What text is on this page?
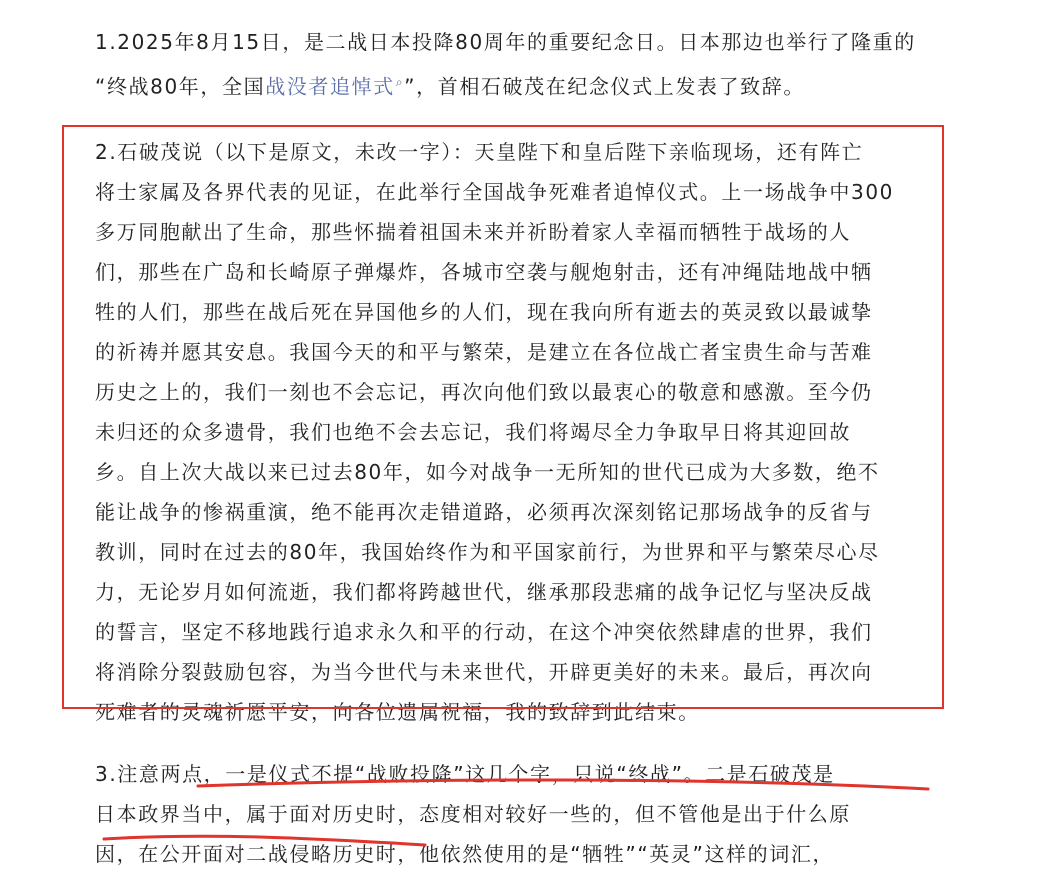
1.2025年8月15日，是二战日本投降80周年的重要纪念日。日本那边也举行了隆重的
“终战80年，全国战没者追悼式⌕”，首相石破茂在纪念仪式上发表了致辞。
2.石破茂说（以下是原文，未改一字）：天皇陛下和皇后陛下亲临现场，还有阵亡
将士家属及各界代表的见证，在此举行全国战争死难者追悼仪式。上一场战争中300
多万同胞献出了生命，那些怀揣着祖国未来并祈盼着家人幸福而牺牲于战场的人
们，那些在广岛和长崎原子弹爆炸，各城市空袭与舰炮射击，还有冲绳陆地战中牺
牲的人们，那些在战后死在异国他乡的人们，现在我向所有逝去的英灵致以最诚挚
的祈祷并愿其安息。我国今天的和平与繁荣，是建立在各位战亡者宝贵生命与苦难
历史之上的，我们一刻也不会忘记，再次向他们致以最衷心的敬意和感激。至今仍
未归还的众多遗骨，我们也绝不会去忘记，我们将竭尽全力争取早日将其迎回故
乡。自上次大战以来已过去80年，如今对战争一无所知的世代已成为大多数，绝不
能让战争的惨祸重演，绝不能再次走错道路，必须再次深刻铭记那场战争的反省与
教训，同时在过去的80年，我国始终作为和平国家前行，为世界和平与繁荣尽心尽
力，无论岁月如何流逝，我们都将跨越世代，继承那段悲痛的战争记忆与坚决反战
的誓言，坚定不移地践行追求永久和平的行动，在这个冲突依然肆虐的世界，我们
将消除分裂鼓励包容，为当今世代与未来世代，开辟更美好的未来。最后，再次向
死难者的灵魂祈愿平安，向各位遗属祝福，我的致辞到此结束。
3.注意两点，一是仪式不提“战败投降”这几个字，只说“终战”。二是石破茂是
日本政界当中，属于面对历史时，态度相对较好一些的，但不管他是出于什么原
因，在公开面对二战侵略历史时，他依然使用的是“牺牲”“英灵”这样的词汇，
